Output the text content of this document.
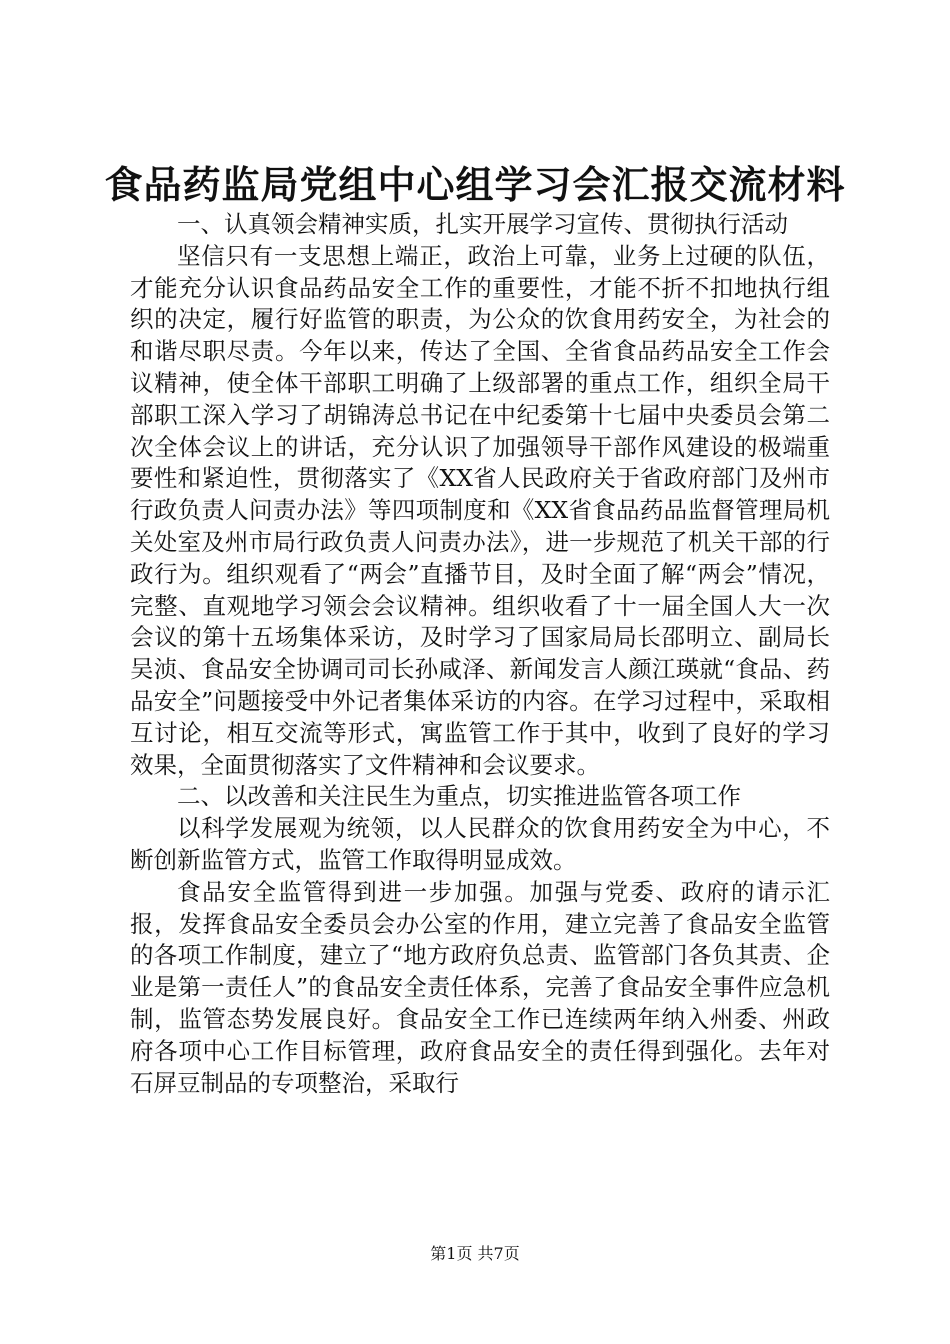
食品药监局党组中心组学习会汇报交流材料

一、认真领会精神实质，扎实开展学习宣传、贯彻执行活动

坚信只有一支思想上端正，政治上可靠，业务上过硬的队伍，才能充分认识食品药品安全工作的重要性，才能不折不扣地执行组织的决定，履行好监管的职责，为公众的饮食用药安全，为社会的和谐尽职尽责。今年以来，传达了全国、全省食品药品安全工作会议精神，使全体干部职工明确了上级部署的重点工作，组织全局干部职工深入学习了胡锦涛总书记在中纪委第十七届中央委员会第二次全体会议上的讲话，充分认识了加强领导干部作风建设的极端重要性和紧迫性，贯彻落实了《XX省人民政府关于省政府部门及州市行政负责人问责办法》等四项制度和《XX省食品药品监督管理局机关处室及州市局行政负责人问责办法》，进一步规范了机关干部的行政行为。组织观看了“两会”直播节目，及时全面了解“两会”情况，完整、直观地学习领会会议精神。组织收看了十一届全国人大一次会议的第十五场集体采访，及时学习了国家局局长邵明立、副局长吴浈、食品安全协调司司长孙咸泽、新闻发言人颜江瑛就“食品、药品安全”问题接受中外记者集体采访的内容。在学习过程中，采取相互讨论，相互交流等形式，寓监管工作于其中，收到了良好的学习效果，全面贯彻落实了文件精神和会议要求。

二、以改善和关注民生为重点，切实推进监管各项工作

以科学发展观为统领，以人民群众的饮食用药安全为中心，不断创新监管方式，监管工作取得明显成效。

食品安全监管得到进一步加强。加强与党委、政府的请示汇报，发挥食品安全委员会办公室的作用，建立完善了食品安全监管的各项工作制度，建立了“地方政府负总责、监管部门各负其责、企业是第一责任人”的食品安全责任体系，完善了食品安全事件应急机制，监管态势发展良好。食品安全工作已连续两年纳入州委、州政府各项中心工作目标管理，政府食品安全的责任得到强化。去年对石屏豆制品的专项整治，采取行

第1页 共7页
